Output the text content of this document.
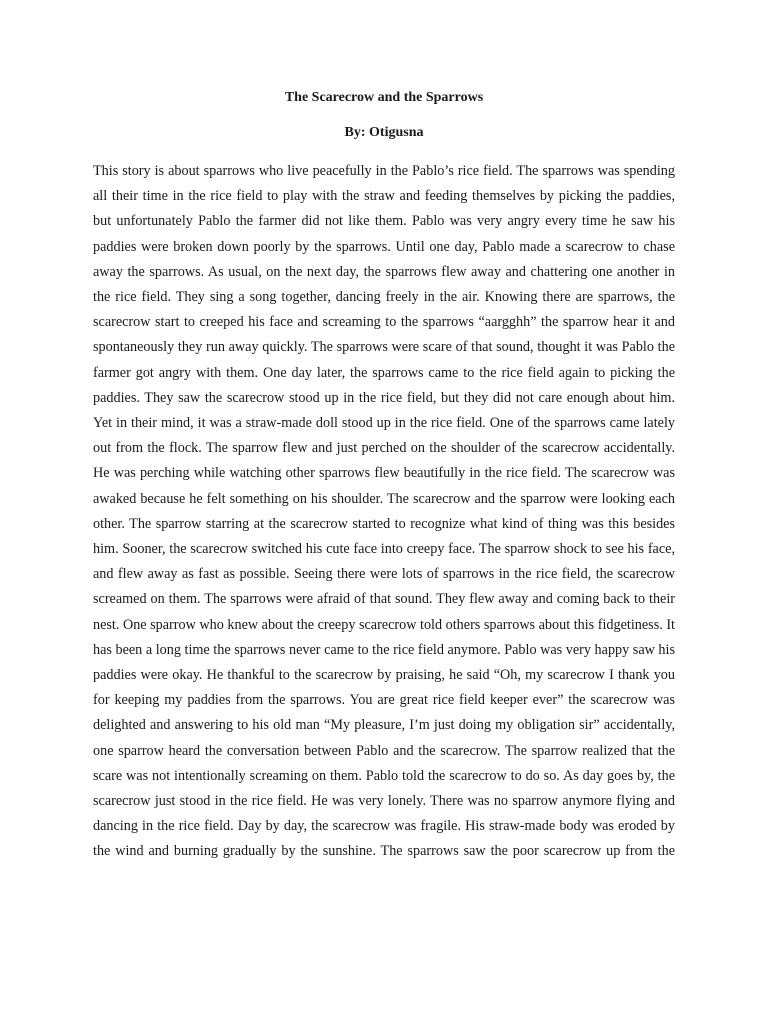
The Scarecrow and the Sparrows

By: Otigusna

This story is about sparrows who live peacefully in the Pablo’s rice field. The sparrows was spending all their time in the rice field to play with the straw and feeding themselves by picking the paddies, but unfortunately Pablo the farmer did not like them. Pablo was very angry every time he saw his paddies were broken down poorly by the sparrows. Until one day, Pablo made a scarecrow to chase away the sparrows. As usual, on the next day, the sparrows flew away and chattering one another in the rice field. They sing a song together, dancing freely in the air. Knowing there are sparrows, the scarecrow start to creeped his face and screaming to the sparrows “aargghh” the sparrow hear it and spontaneously they run away quickly. The sparrows were scare of that sound, thought it was Pablo the farmer got angry with them. One day later, the sparrows came to the rice field again to picking the paddies. They saw the scarecrow stood up in the rice field, but they did not care enough about him. Yet in their mind, it was a straw-made doll stood up in the rice field. One of the sparrows came lately out from the flock. The sparrow flew and just perched on the shoulder of the scarecrow accidentally. He was perching while watching other sparrows flew beautifully in the rice field. The scarecrow was awaked because he felt something on his shoulder. The scarecrow and the sparrow were looking each other. The sparrow starring at the scarecrow started to recognize what kind of thing was this besides him. Sooner, the scarecrow switched his cute face into creepy face. The sparrow shock to see his face, and flew away as fast as possible. Seeing there were lots of sparrows in the rice field, the scarecrow screamed on them. The sparrows were afraid of that sound. They flew away and coming back to their nest. One sparrow who knew about the creepy scarecrow told others sparrows about this fidgetiness. It has been a long time the sparrows never came to the rice field anymore. Pablo was very happy saw his paddies were okay. He thankful to the scarecrow by praising, he said “Oh, my scarecrow I thank you for keeping my paddies from the sparrows. You are great rice field keeper ever” the scarecrow was delighted and answering to his old man “My pleasure, I’m just doing my obligation sir” accidentally, one sparrow heard the conversation between Pablo and the scarecrow. The sparrow realized that the scare was not intentionally screaming on them. Pablo told the scarecrow to do so. As day goes by, the scarecrow just stood in the rice field. He was very lonely. There was no sparrow anymore flying and dancing in the rice field. Day by day, the scarecrow was fragile. His straw-made body was eroded by the wind and burning gradually by the sunshine. The sparrows saw the poor scarecrow up from the
